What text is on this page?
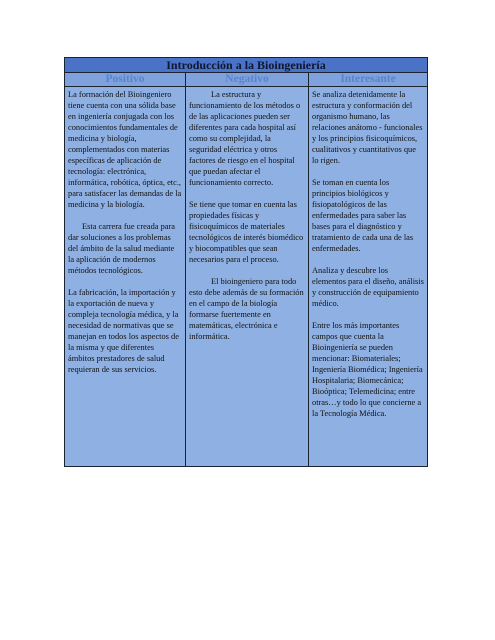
Introducción a la Bioingeniería
Positivo

La formación del Bioingeniero tiene cuenta con una sólida base en ingeniería conjugada con los conocimientos fundamentales de medicina y biología, complementados con materias específicas de aplicación de tecnología: electrónica, informática, robótica, óptica, etc., para satisfacer las demandas de la medicina y la biología.

Esta carrera fue creada para dar soluciones a los problemas del ámbito de la salud mediante la aplicación de modernos métodos tecnológicos.

La fabricación, la importación y la exportación de nueva y compleja tecnología médica, y la necesidad de normativas que se manejan en todos los aspectos de la misma y que diferentes ámbitos prestadores de salud requieran de sus servicios.

Negativo

La estructura y funcionamiento de los métodos o de las aplicaciones pueden ser diferentes para cada hospital así como su complejidad, la seguridad eléctrica y otros factores de riesgo en el hospital que puedan afectar el funcionamiento correcto.

Se tiene que tomar en cuenta las propiedades físicas y fisicoquímicos de materiales tecnológicos de interés biomédico y biocompatibles que sean necesarios para el proceso.

El bioingeniero para todo esto debe además de su formación en el campo de la biología formarse fuertemente en matemáticas, electrónica e informática.

Interesante

Se analiza detenidamente la estructura y conformación del organismo humano, las relaciones anátomo - funcionales y los principios fisicoquímicos, cualitativos y cuantitativos que lo rigen.

Se toman en cuenta los principios biológicos y fisiopatológicos de las enfermedades para saber las bases para el diagnóstico y tratamiento de cada una de las enfermedades.

Analiza y descubre los elementos para el diseño, análisis y construcción de equipamiento médico.

Entre los más importantes campos que cuenta la Bioingeniería se pueden mencionar: Biomateriales; Ingeniería Biomédica; Ingeniería Hospitalaria; Biomecánica; Bioóptica; Telemedicina; entre otras…y todo lo que concierne a la Tecnología Médica.
